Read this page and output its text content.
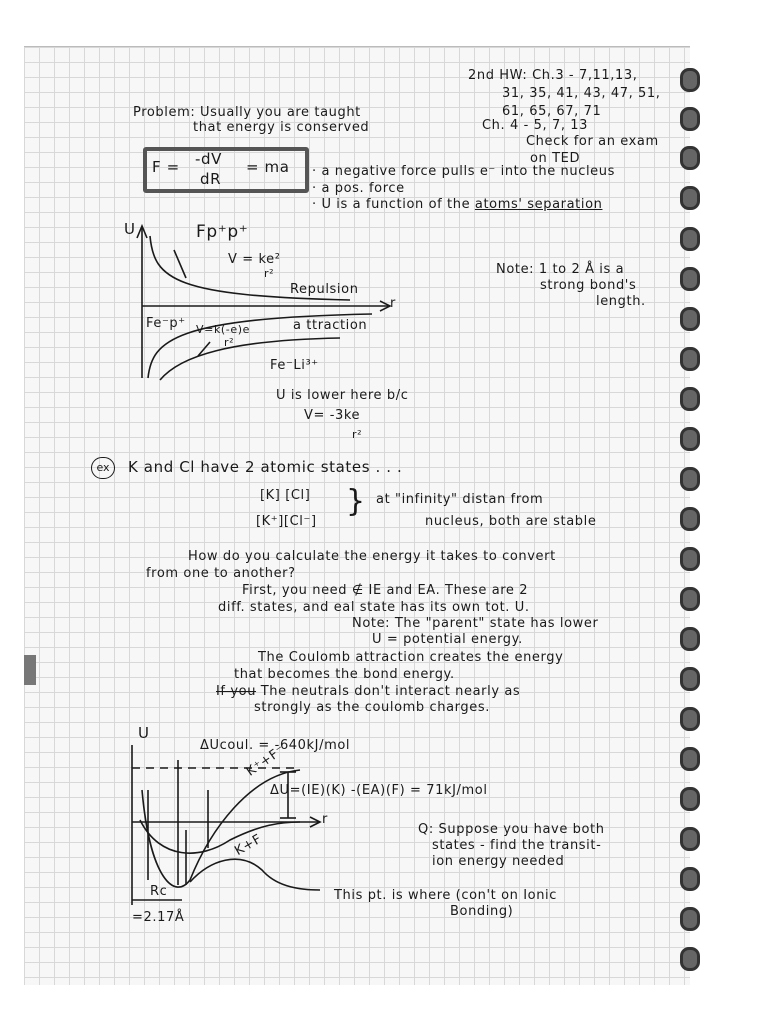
2nd HW: Ch.3 - 7,11,13,
31, 35, 41, 43, 47, 51,
61, 65, 67, 71
Ch. 4 - 5, 7, 13
Check for an exam
on TED
Problem: Usually you are taught
that energy is conserved
F = -dV
dR
= ma · a negative force pulls e⁻ into the nucleus
· a pos. force
· U is a function of the atoms' separation
U	Fp⁺p⁺
V = ke²
r²
Repulsion
r
Fe⁻p⁺ V=k(-e)e
r²
a ttraction
Fe⁻Li³⁺
Note: 1 to 2 Å is a
strong bond's
length.
U is lower here b/c
V= -3ke
r²
ex	K and Cl have 2 atomic states . . .
[K] [Cl]
[K⁺][Cl⁻]
} at "infinity" distan from
nucleus, both are stable
How do you calculate the energy it takes to convert
from one to another?
First, you need ∉ IE and EA. These are 2
diff. states, and eal state has its own tot. U.
Note: The "parent" state has lower
U = potential energy.
The Coulomb attraction creates the energy
that becomes the bond energy.
If you The neutrals don't interact nearly as
strongly as the coulomb charges.
U
ΔUcoul. = -640kJ/mol
K⁺+F⁻
ΔU=(IE)(K) -(EA)(F) = 71kJ/mol
r
K+F
Rc
=2.17Å
This pt. is where (con't on Ionic
Bonding)
Q: Suppose you have both
states - find the transit-
ion energy needed
